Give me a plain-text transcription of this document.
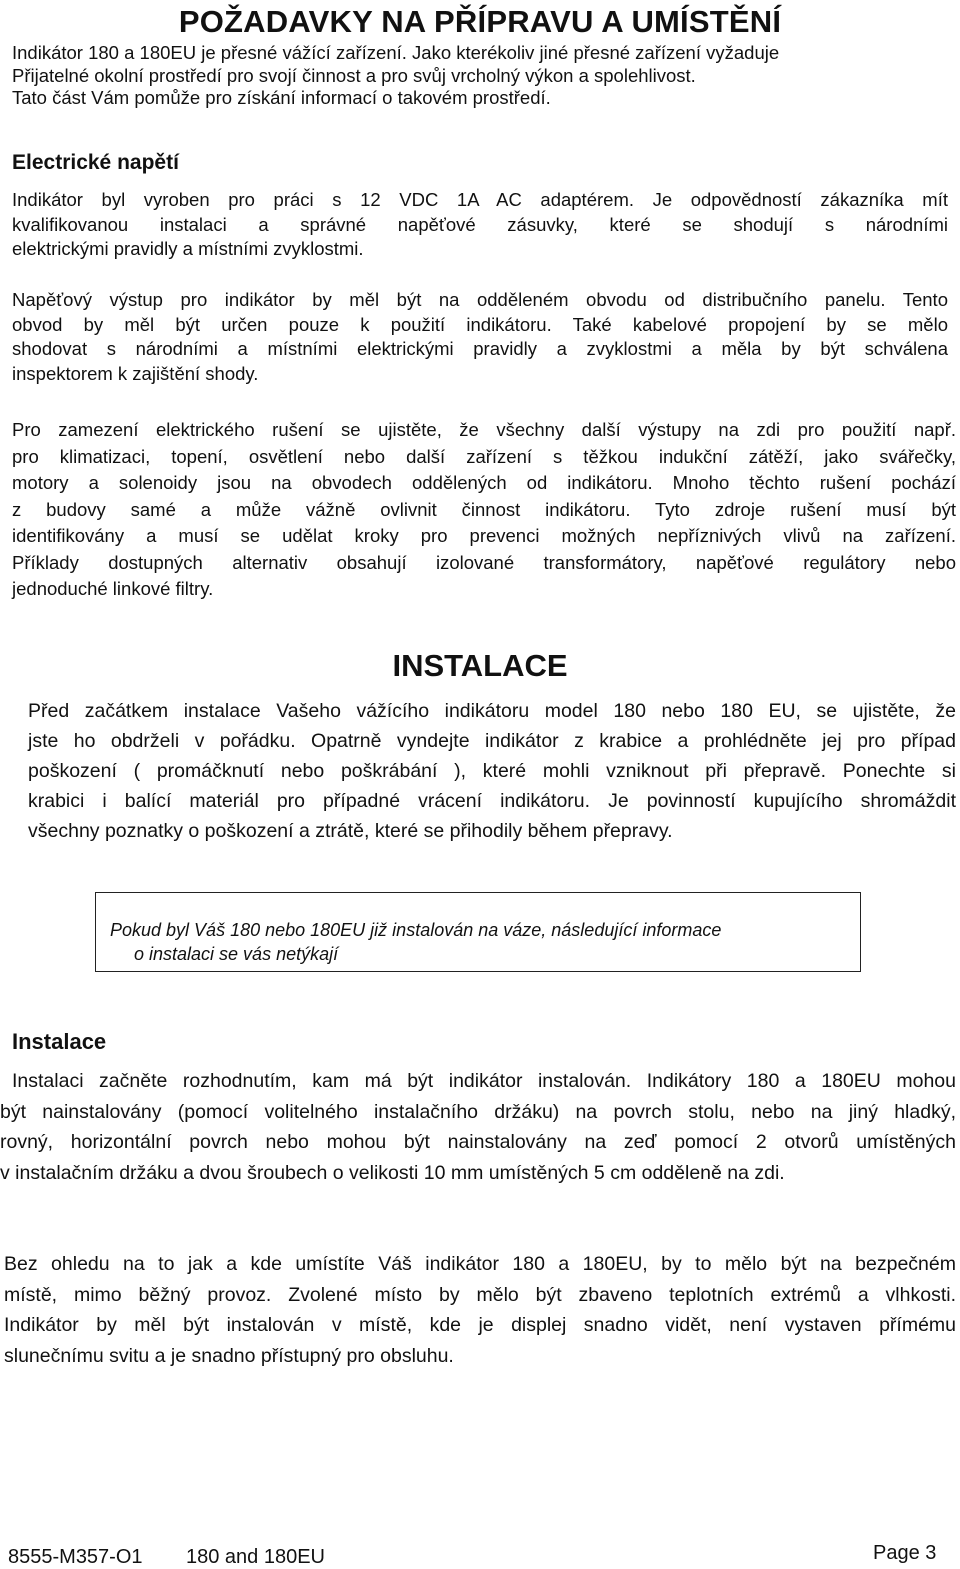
POŽADAVKY NA PŘÍPRAVU A UMÍSTĚNÍ
Indikátor 180 a 180EU je přesné vážící zařízení. Jako kterékoliv jiné přesné zařízení vyžaduje
Přijatelné okolní prostředí pro svojí činnost a pro svůj vrcholný výkon a spolehlivost.
Tato část Vám pomůže pro získání informací o takovém prostředí.
Electrické napětí
Indikátor byl vyroben pro práci s 12 VDC 1A AC adaptérem. Je odpovědností zákazníka mít
kvalifikovanou instalaci a správné napěťové zásuvky, které se shodují s národními
elektrickými pravidly a místními zvyklostmi.
Napěťový výstup pro indikátor by měl být na odděleném obvodu od distribučního panelu. Tento
obvod by měl být určen pouze k použití indikátoru. Také kabelové propojení by se mělo
shodovat s národními a místními elektrickými pravidly a zvyklostmi a měla by být schválena
inspektorem k zajištění shody.
Pro zamezení elektrického rušení se ujistěte, že všechny další výstupy na zdi pro použití např.
pro klimatizaci, topení, osvětlení nebo další zařízení s těžkou indukční zátěží, jako svářečky,
motory a solenoidy jsou na obvodech oddělených od indikátoru. Mnoho těchto rušení pochází
z budovy samé a může vážně ovlivnit činnost indikátoru. Tyto zdroje rušení musí být
identifikovány a musí se udělat kroky pro prevenci možných nepříznivých vlivů na zařízení.
Příklady dostupných alternativ obsahují izolované transformátory, napěťové regulátory nebo
jednoduché linkové filtry.
INSTALACE
Před začátkem instalace Vašeho vážícího indikátoru model 180 nebo 180 EU, se ujistěte, že
jste ho obdrželi v pořádku. Opatrně vyndejte indikátor z krabice a prohlédněte jej pro případ
poškození ( promáčknutí nebo poškrábání ), které mohli vzniknout při přepravě. Ponechte si
krabici i balící materiál pro případné vrácení indikátoru. Je povinností kupujícího shromáždit
všechny poznatky o poškození a ztrátě, které se přihodily během přepravy.
Pokud byl Váš 180 nebo 180EU již instalován na váze, následující informace
o instalaci se vás netýkají
Instalace
Instalaci začněte rozhodnutím, kam má být indikátor instalován. Indikátory 180 a 180EU mohou
být nainstalovány (pomocí volitelného instalačního držáku) na povrch stolu, nebo na jiný hladký,
rovný, horizontální povrch nebo mohou být nainstalovány na zeď pomocí 2 otvorů umístěných
v instalačním držáku a dvou šroubech o velikosti 10 mm umístěných 5 cm odděleně na zdi.
Bez ohledu na to jak a kde umístíte Váš indikátor 180 a 180EU, by to mělo být na bezpečném
místě, mimo běžný provoz. Zvolené místo by mělo být zbaveno teplotních extrémů a vlhkosti.
Indikátor by měl být instalován v místě, kde je displej snadno vidět, není vystaven přímému
slunečnímu svitu a je snadno přístupný pro obsluhu.
8555-M357-O1 180 and 180EU	Page 3
